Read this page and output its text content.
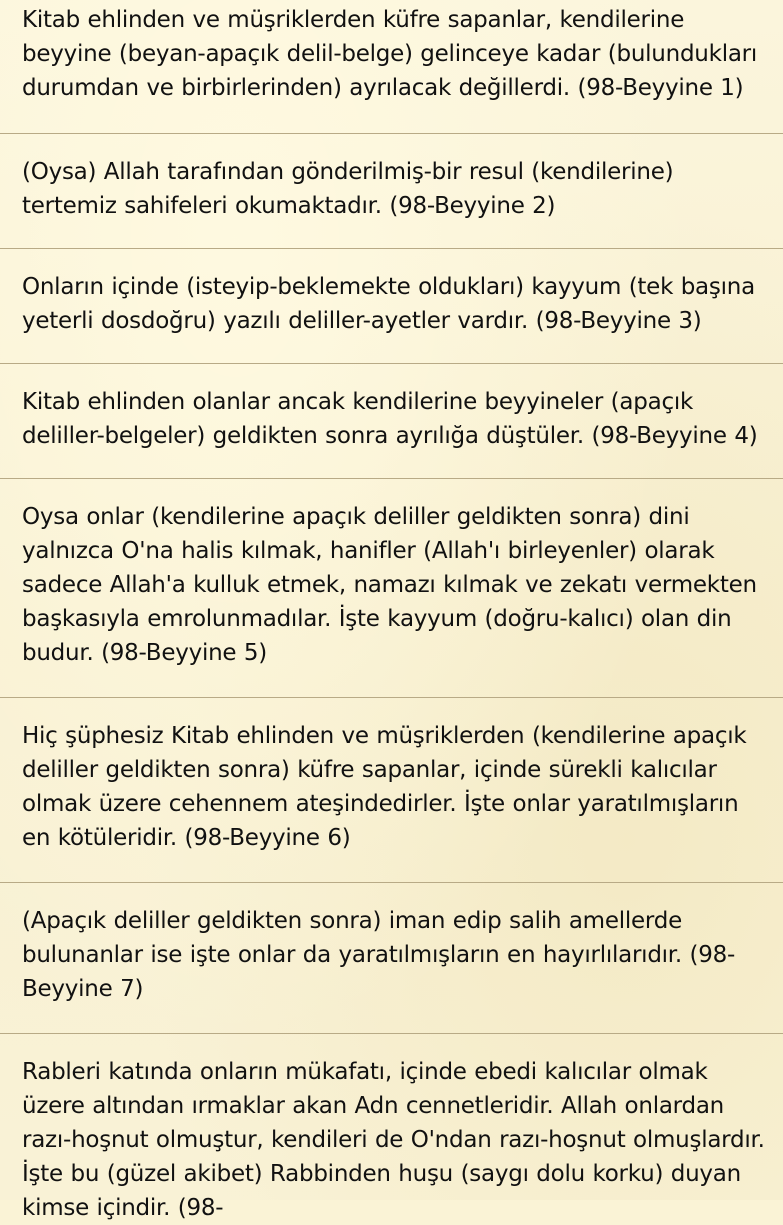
Kitab ehlinden ve müşriklerden küfre sapanlar, kendilerine beyyine (beyan-apaçık delil-belge) gelinceye kadar (bulundukları durumdan ve birbirlerinden) ayrılacak değillerdi. (98-Beyyine 1)

(Oysa) Allah tarafından gönderilmiş-bir resul (kendilerine) tertemiz sahifeleri okumaktadır. (98-Beyyine 2)

Onların içinde (isteyip-beklemekte oldukları) kayyum (tek başına yeterli dosdoğru) yazılı deliller-ayetler vardır. (98-Beyyine 3)

Kitab ehlinden olanlar ancak kendilerine beyyineler (apaçık deliller-belgeler) geldikten sonra ayrılığa düştüler. (98-Beyyine 4)

Oysa onlar (kendilerine apaçık deliller geldikten sonra) dini yalnızca O'na halis kılmak, hanifler (Allah'ı birleyenler) olarak sadece Allah'a kulluk etmek, namazı kılmak ve zekatı vermekten başkasıyla emrolunmadılar. İşte kayyum (doğru-kalıcı) olan din budur. (98-Beyyine 5)

Hiç şüphesiz Kitab ehlinden ve müşriklerden (kendilerine apaçık deliller geldikten sonra) küfre sapanlar, içinde sürekli kalıcılar olmak üzere cehennem ateşindedirler. İşte onlar yaratılmışların en kötüleridir. (98-Beyyine 6)

(Apaçık deliller geldikten sonra) iman edip salih amellerde bulunanlar ise işte onlar da yaratılmışların en hayırlılarıdır. (98-Beyyine 7)

Rableri katında onların mükafatı, içinde ebedi kalıcılar olmak üzere altından ırmaklar akan Adn cennetleridir. Allah onlardan razı-hoşnut olmuştur, kendileri de O'ndan razı-hoşnut olmuşlardır. İşte bu (güzel akibet) Rabbinden huşu (saygı dolu korku) duyan kimse içindir. (98-
